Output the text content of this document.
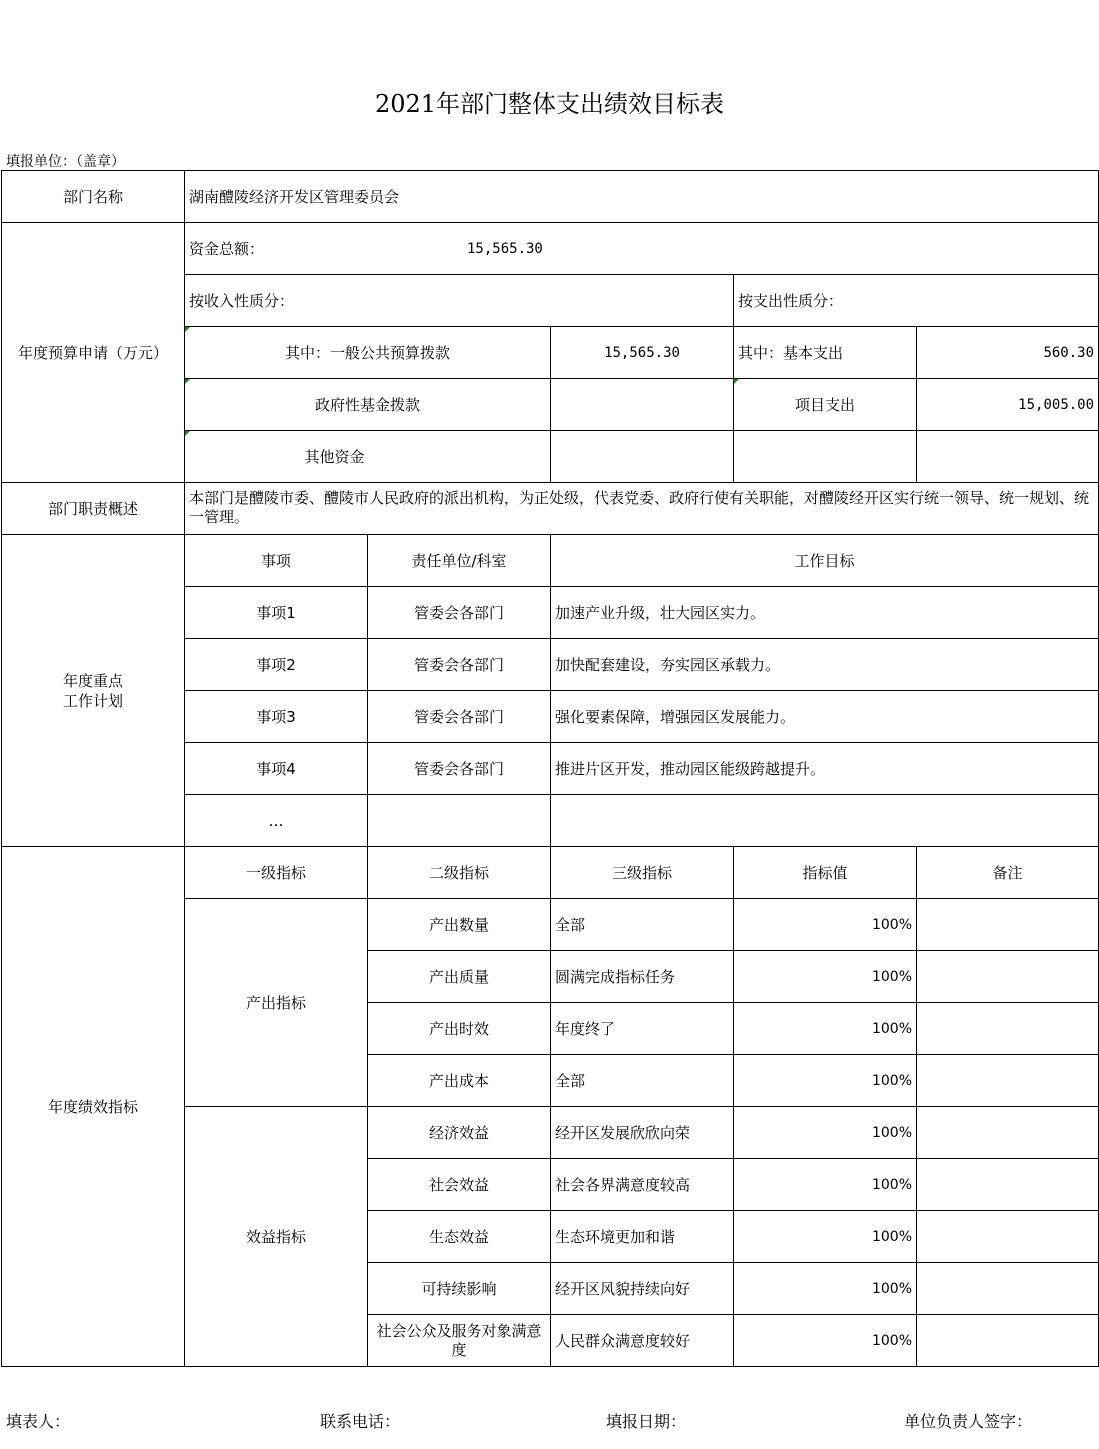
2021年部门整体支出绩效目标表
填报单位：（盖章）
部门名称	湖南醴陵经济开发区管理委员会				
年度预算申请（万元）	资金总额： 15,565.30				

	按收入性质分：			按支出性质分：	
	其中：一般公共预算拨款		15,565.30	其中：基本支出	560.30
	政府性基金拨款			项目支出	15,005.00
	其他资金				
部门职责概述	本部门是醴陵市委、醴陵市人民政府的派出机构，为正处级，代表党委、政府行使有关职能，对醴陵经开区实行统一领导、统一规划、统一管理。				

年度重点
工作计划	事项	责任单位/科室	工作目标		
	事项1	管委会各部门	加速产业升级，壮大园区实力。		
	事项2	管委会各部门	加快配套建设，夯实园区承载力。		
	事项3	管委会各部门	强化要素保障，增强园区发展能力。		
	事项4	管委会各部门	推进片区开发，推动园区能级跨越提升。		
	…				
年度绩效指标	一级指标	二级指标	三级指标	指标值	备注
	产出指标	产出数量	全部	100%	
		产出质量	圆满完成指标任务	100%	
		产出时效	年度终了	100%	
		产出成本	全部	100%	
	效益指标	经济效益	经开区发展欣欣向荣	100%	
		社会效益	社会各界满意度较高	100%	
		生态效益	生态环境更加和谐	100%	
		可持续影响	经开区风貌持续向好	100%	
		社会公众及服务对象满意度	人民群众满意度较好	100%	
填表人：	联系电话：	填报日期：	单位负责人签字：
